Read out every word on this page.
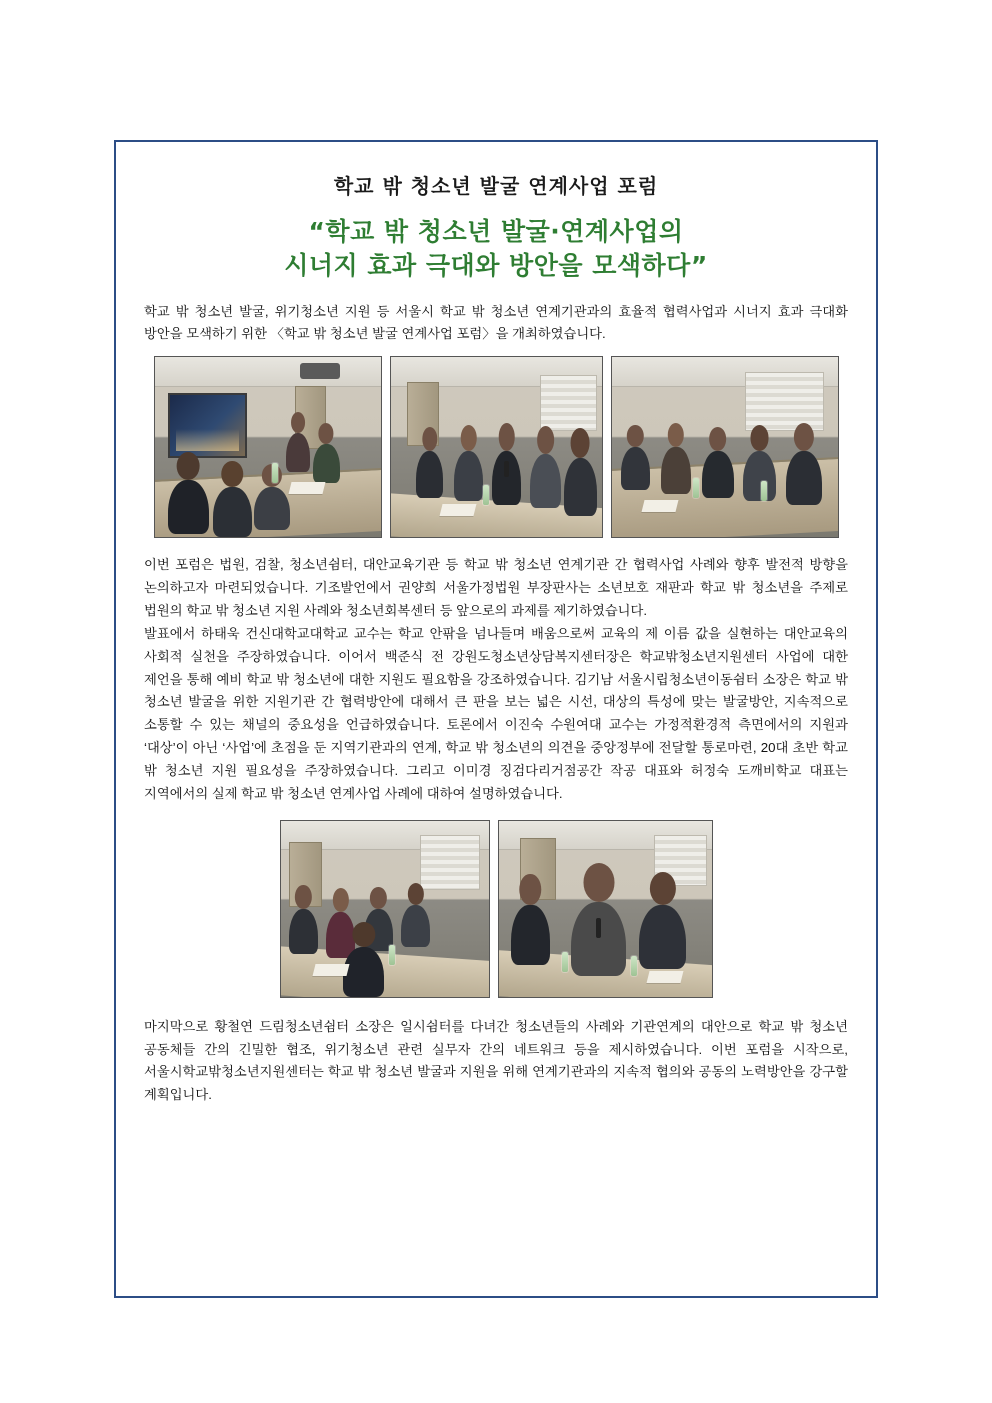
학교 밖 청소년 발굴 연계사업 포럼
“학교 밖 청소년 발굴·연계사업의
시너지 효과 극대와 방안을 모색하다”

학교 밖 청소년 발굴, 위기청소년 지원 등 서울시 학교 밖 청소년 연계기관과의 효율적 협력사업과 시너지 효과 극대화 방안을 모색하기 위한 〈학교 밖 청소년 발굴 연계사업 포럼〉을 개최하였습니다.

이번 포럼은 법원, 검찰, 청소년쉼터, 대안교육기관 등 학교 밖 청소년 연계기관 간 협력사업 사례와 향후 발전적 방향을 논의하고자 마련되었습니다. 기조발언에서 권양희 서울가정법원 부장판사는 소년보호 재판과 학교 밖 청소년을 주제로 법원의 학교 밖 청소년 지원 사례와 청소년회복센터 등 앞으로의 과제를 제기하였습니다.

발표에서 하태욱 건신대학교대학교 교수는 학교 안팎을 넘나들며 배움으로써 교육의 제 이름 값을 실현하는 대안교육의 사회적 실천을 주장하였습니다. 이어서 백준식 전 강원도청소년상담복지센터장은 학교밖청소년지원센터 사업에 대한 제언을 통해 예비 학교 밖 청소년에 대한 지원도 필요함을 강조하였습니다. 김기남 서울시립청소년이동쉼터 소장은 학교 밖 청소년 발굴을 위한 지원기관 간 협력방안에 대해서 큰 판을 보는 넓은 시선, 대상의 특성에 맞는 발굴방안, 지속적으로 소통할 수 있는 채널의 중요성을 언급하였습니다. 토론에서 이진숙 수원여대 교수는 가정적환경적 측면에서의 지원과 ‘대상’이 아닌 ‘사업’에 초점을 둔 지역기관과의 연계, 학교 밖 청소년의 의견을 중앙정부에 전달할 통로마련, 20대 초반 학교 밖 청소년 지원 필요성을 주장하였습니다. 그리고 이미경 징검다리거점공간 작공 대표와 허정숙 도깨비학교 대표는 지역에서의 실제 학교 밖 청소년 연계사업 사례에 대하여 설명하였습니다.

마지막으로 황철연 드림청소년쉼터 소장은 일시쉼터를 다녀간 청소년들의 사례와 기관연계의 대안으로 학교 밖 청소년 공동체들 간의 긴밀한 협조, 위기청소년 관련 실무자 간의 네트워크 등을 제시하였습니다. 이번 포럼을 시작으로, 서울시학교밖청소년지원센터는 학교 밖 청소년 발굴과 지원을 위해 연계기관과의 지속적 협의와 공동의 노력방안을 강구할 계획입니다.
